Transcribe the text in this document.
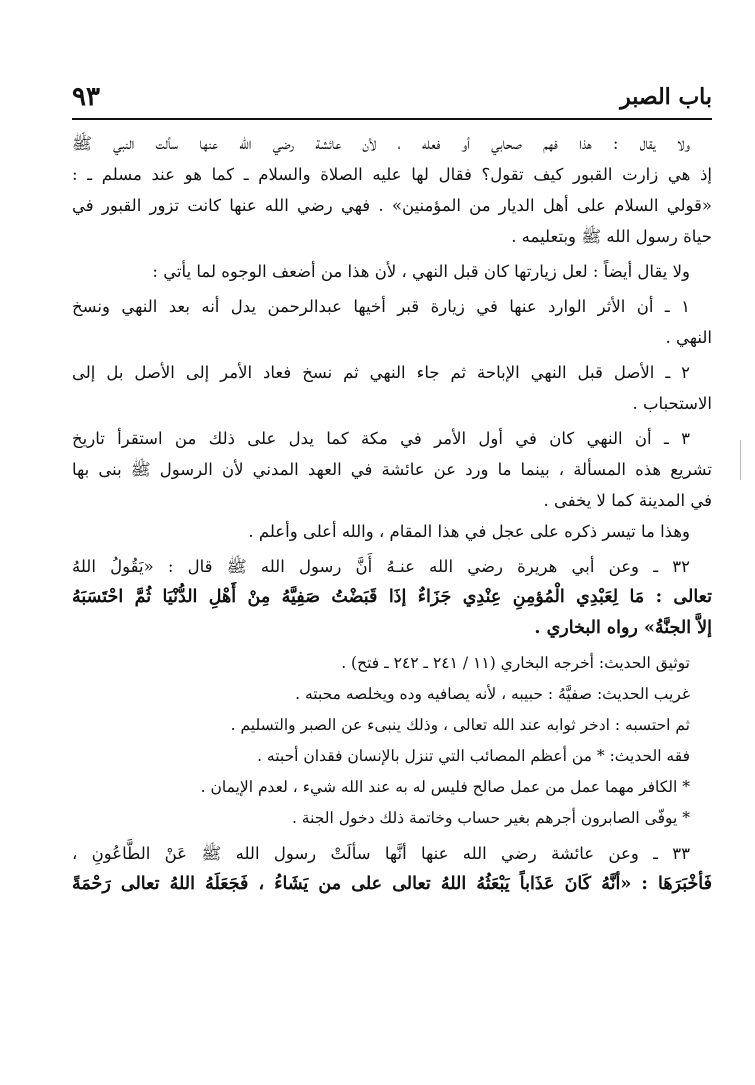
باب الصبر
٩٣
ولا يقال : هذا فهم صحابي أو فعله ، لأن عائشة رضي الله عنها سألت النبي ﷺ
إذ هي زارت القبور كيف تقول؟ فقال لها عليه الصلاة والسلام ـ كما هو عند مسلم ـ :
«قولي السلام على أهل الديار من المؤمنين» . فهي رضي الله عنها كانت تزور القبور في
حياة رسول الله ﷺ وبتعليمه .
ولا يقال أيضاً : لعل زيارتها كان قبل النهي ، لأن هذا من أضعف الوجوه لما يأتي :
١ ـ أن الأثر الوارد عنها في زيارة قبر أخيها عبدالرحمن يدل أنه بعد النهي ونسخ
النهي .
٢ ـ الأصل قبل النهي الإباحة ثم جاء النهي ثم نسخ فعاد الأمر إلى الأصل بل إلى
الاستحباب .
٣ ـ أن النهي كان في أول الأمر في مكة كما يدل على ذلك من استقرأ تاريخ
تشريع هذه المسألة ، بينما ما ورد عن عائشة في العهد المدني لأن الرسول ﷺ بنى بها
في المدينة كما لا يخفى .
وهذا ما تيسر ذكره على عجل في هذا المقام ، والله أعلى وأعلم .
٣٢ ـ وعن أبي هريرة رضي الله عنـهُ أَنَّ رسول الله ﷺ قال : «يَقُولُ اللهُ
تعالى : مَا لِعَبْدِي الْمُؤمِنِ عِنْدِي جَزَاءٌ إذَا قَبَضْتُ صَفِيَّهُ مِنْ أَهْلِ الدُّنْيَا ثُمَّ احْتَسَبَهُ
إلاَّ الجنَّةُ» رواه البخاري .
توثيق الحديث: أخرجه البخاري (١١ / ٢٤١ ـ ٢٤٢ ـ فتح) .
غريب الحديث: صفيَّهُ : حبيبه ، لأنه يصافيه وده ويخلصه محبته .
ثم احتسبه : ادخر ثوابه عند الله تعالى ، وذلك ينبىء عن الصبر والتسليم .
فقه الحديث: * من أعظم المصائب التي تنزل بالإنسان فقدان أحبته .
* الكافر مهما عمل من عمل صالح فليس له به عند الله شيء ، لعدم الإيمان .
* يوفّى الصابرون أجرهم بغير حساب وخاتمة ذلك دخول الجنة .
٣٣ ـ وعن عائشة رضي الله عنها أنَّها سألَتْ رسول الله ﷺ عَنْ الطَّاعُونِ ،
فَأخْبَرَهَا : «أنَّهُ كَانَ عَذَاباً يَبْعَثُهُ اللهُ تعالى على من يَشَاءُ ، فَجَعَلَهُ اللهُ تعالى رَحْمَةً
